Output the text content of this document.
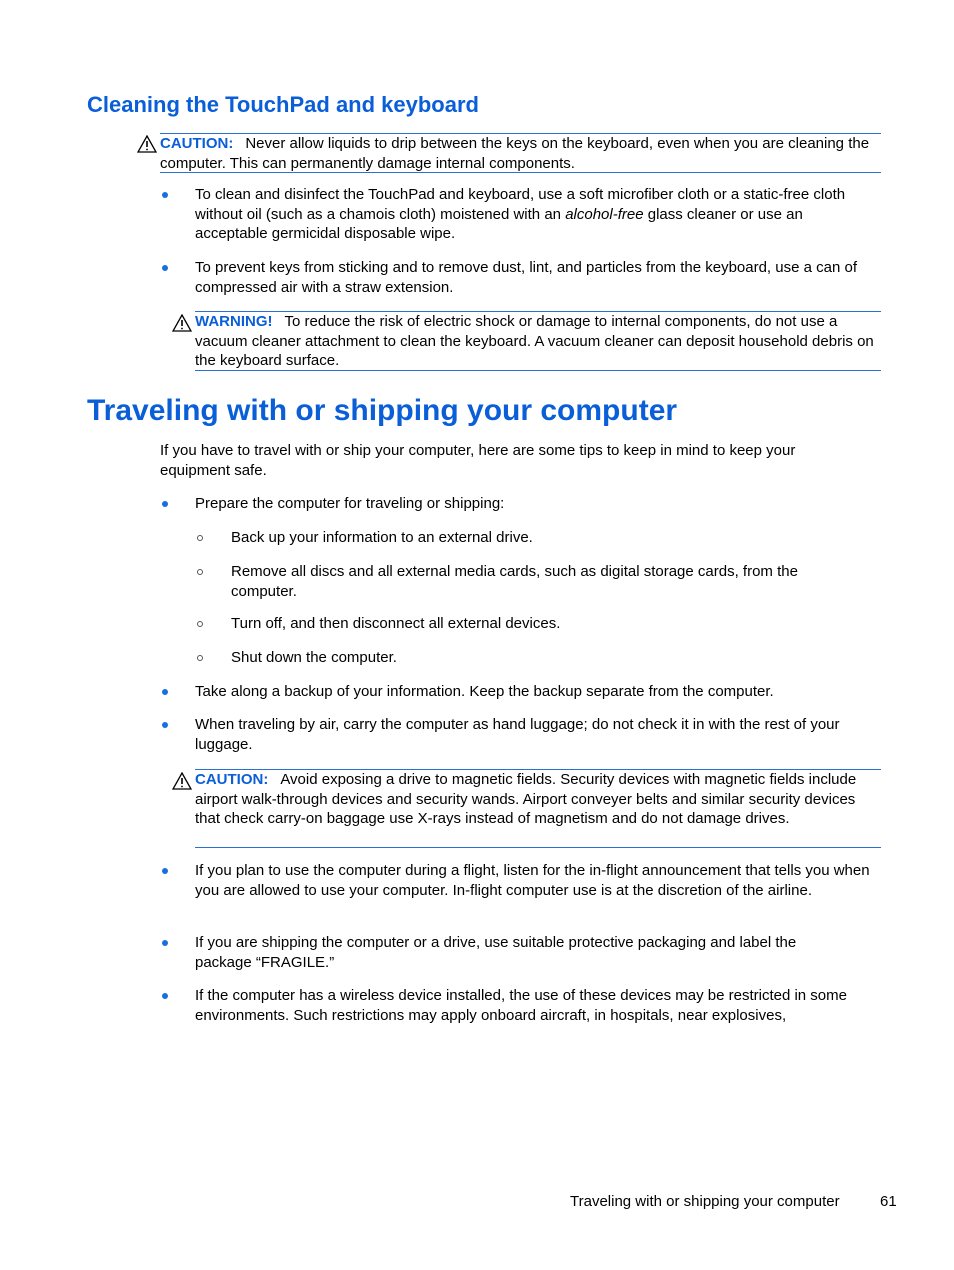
Cleaning the TouchPad and keyboard
CAUTION: Never allow liquids to drip between the keys on the keyboard, even when you are cleaning the computer. This can permanently damage internal components.

To clean and disinfect the TouchPad and keyboard, use a soft microfiber cloth or a static-free cloth without oil (such as a chamois cloth) moistened with an alcohol-free glass cleaner or use an acceptable germicidal disposable wipe.

To prevent keys from sticking and to remove dust, lint, and particles from the keyboard, use a can of compressed air with a straw extension.

WARNING! To reduce the risk of electric shock or damage to internal components, do not use a vacuum cleaner attachment to clean the keyboard. A vacuum cleaner can deposit household debris on the keyboard surface.
Traveling with or shipping your computer

If you have to travel with or ship your computer, here are some tips to keep in mind to keep your equipment safe.

Prepare the computer for traveling or shipping:

Back up your information to an external drive.

Remove all discs and all external media cards, such as digital storage cards, from the computer.

Turn off, and then disconnect all external devices.

Shut down the computer.

Take along a backup of your information. Keep the backup separate from the computer.

When traveling by air, carry the computer as hand luggage; do not check it in with the rest of your luggage.

CAUTION: Avoid exposing a drive to magnetic fields. Security devices with magnetic fields include airport walk-through devices and security wands. Airport conveyer belts and similar security devices that check carry-on baggage use X-rays instead of magnetism and do not damage drives.

If you plan to use the computer during a flight, listen for the in-flight announcement that tells you when you are allowed to use your computer. In-flight computer use is at the discretion of the airline.

If you are shipping the computer or a drive, use suitable protective packaging and label the package “FRAGILE.”

If the computer has a wireless device installed, the use of these devices may be restricted in some environments. Such restrictions may apply onboard aircraft, in hospitals, near explosives,

Traveling with or shipping your computer	61
